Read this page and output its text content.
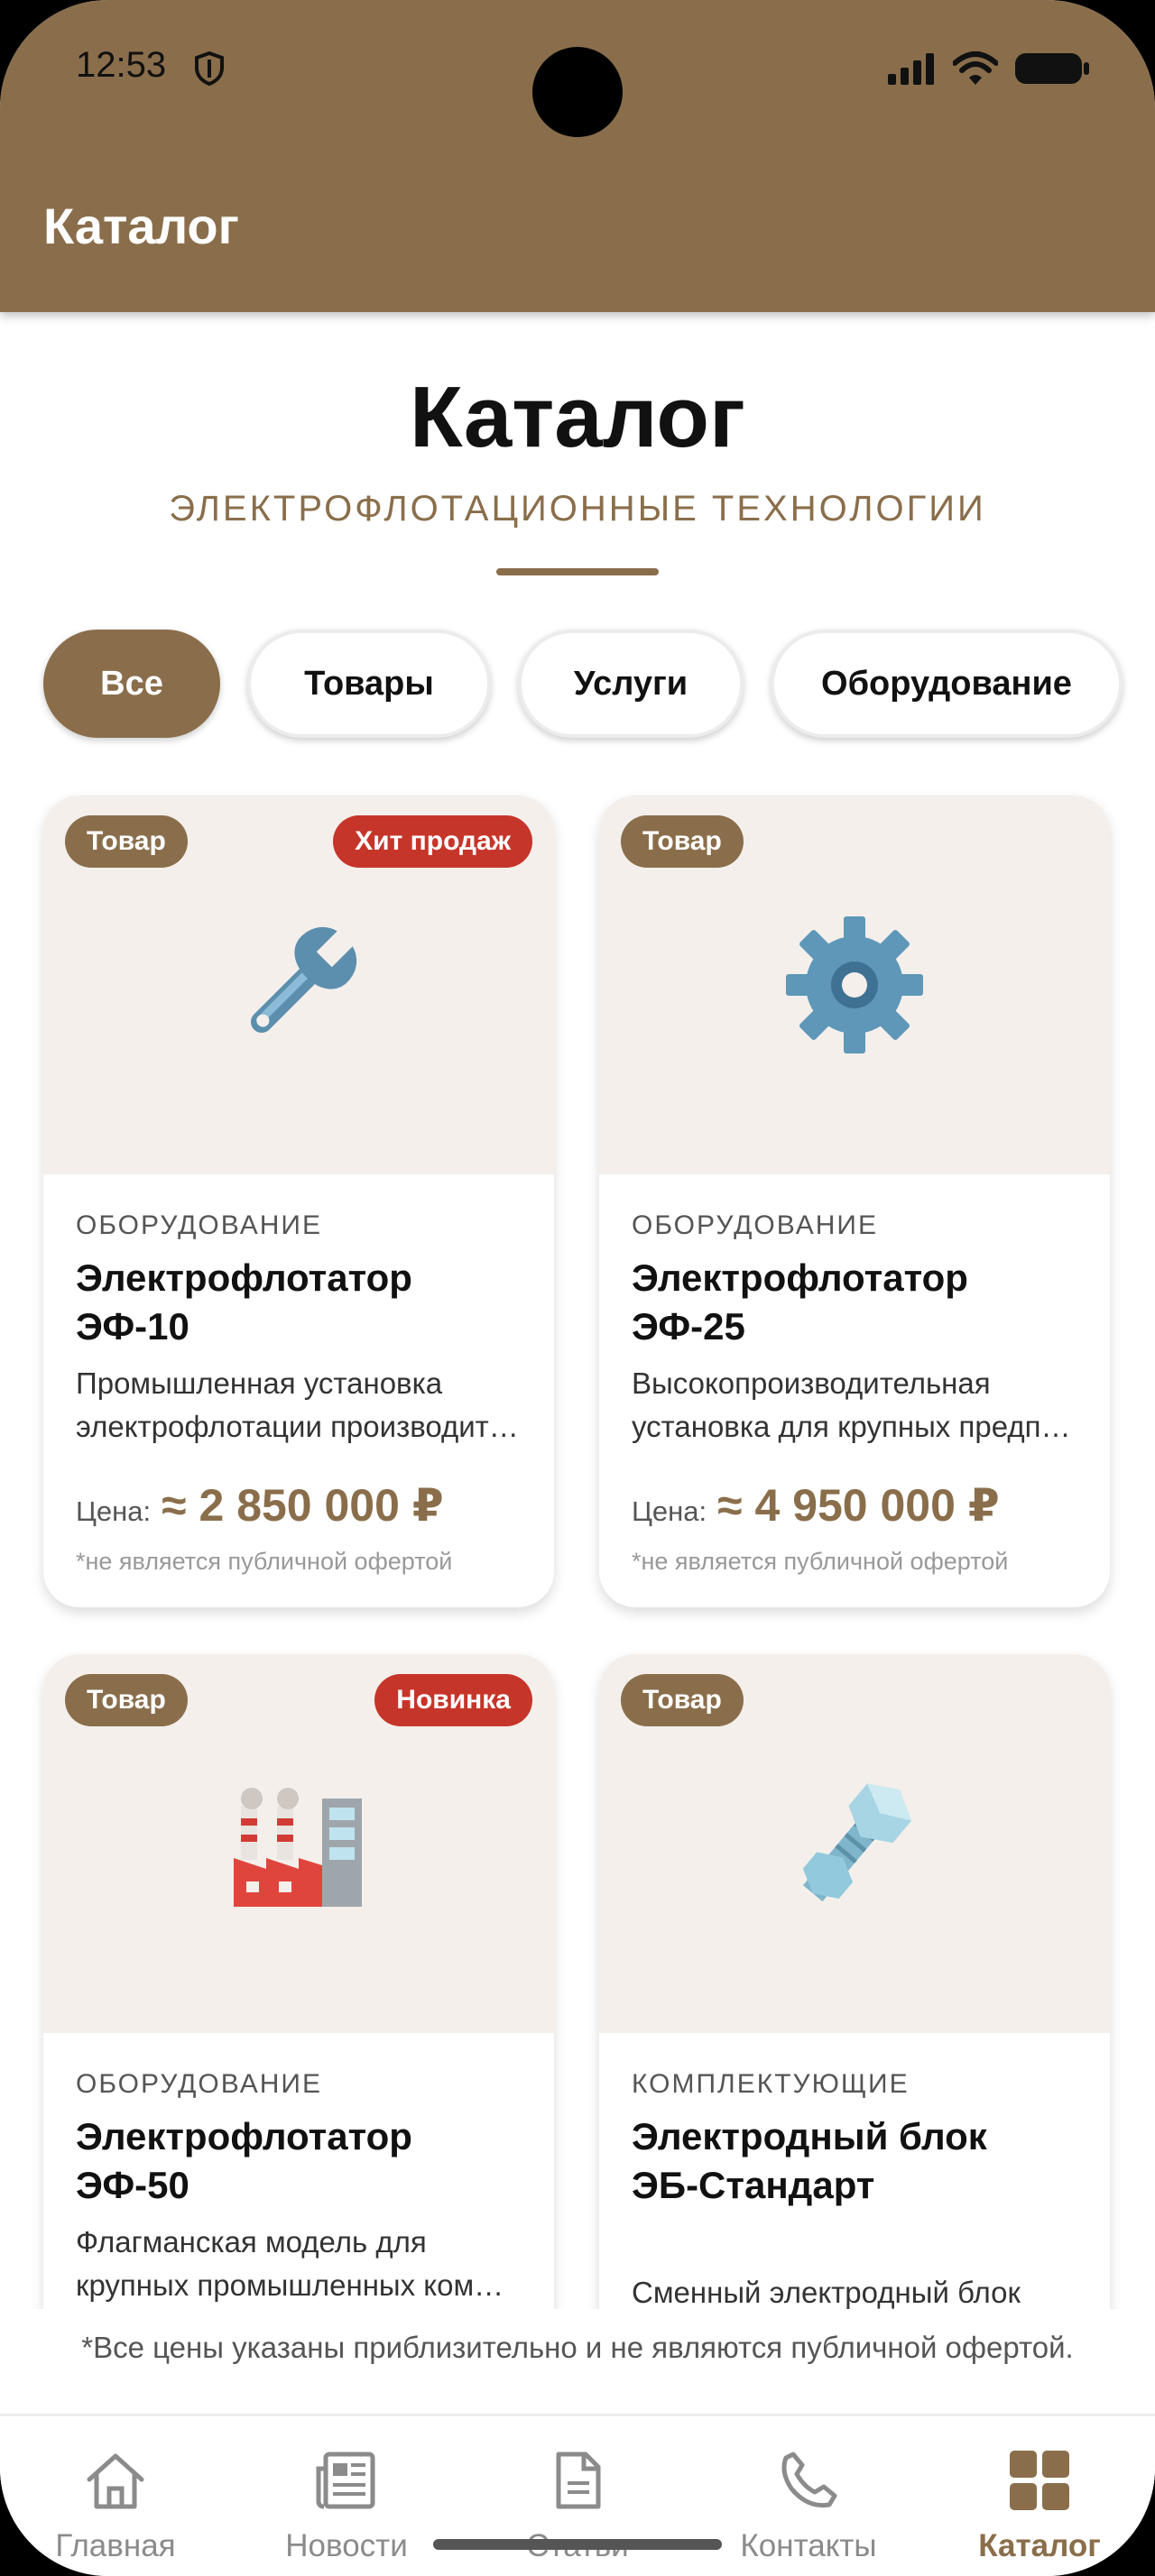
12:53
Каталог
Каталог
ЭЛЕКТРОФЛОТАЦИОННЫЕ ТЕХНОЛОГИИ
Все	Товары	Услуги	Оборудование
Товар	Хит продаж
ОБОРУДОВАНИЕ
Электрофлотатор ЭФ-10
Промышленная установка
электрофлотации производит…
Цена: ≈ 2 850 000 ₽
*не является публичной офертой
Товар
ОБОРУДОВАНИЕ
Электрофлотатор ЭФ-25
Высокопроизводительная
установка для крупных предп…
Цена: ≈ 4 950 000 ₽
*не является публичной офертой
Товар	Новинка
ОБОРУДОВАНИЕ
Электрофлотатор ЭФ-50
Флагманская модель для
крупных промышленных ком…
Товар
КОМПЛЕКТУЮЩИЕ
Электродный блок
ЭБ-Стандарт
Сменный электродный блок
*Все цены указаны приблизительно и не являются публичной офертой.
Главная	Новости	Контакты	Каталог
